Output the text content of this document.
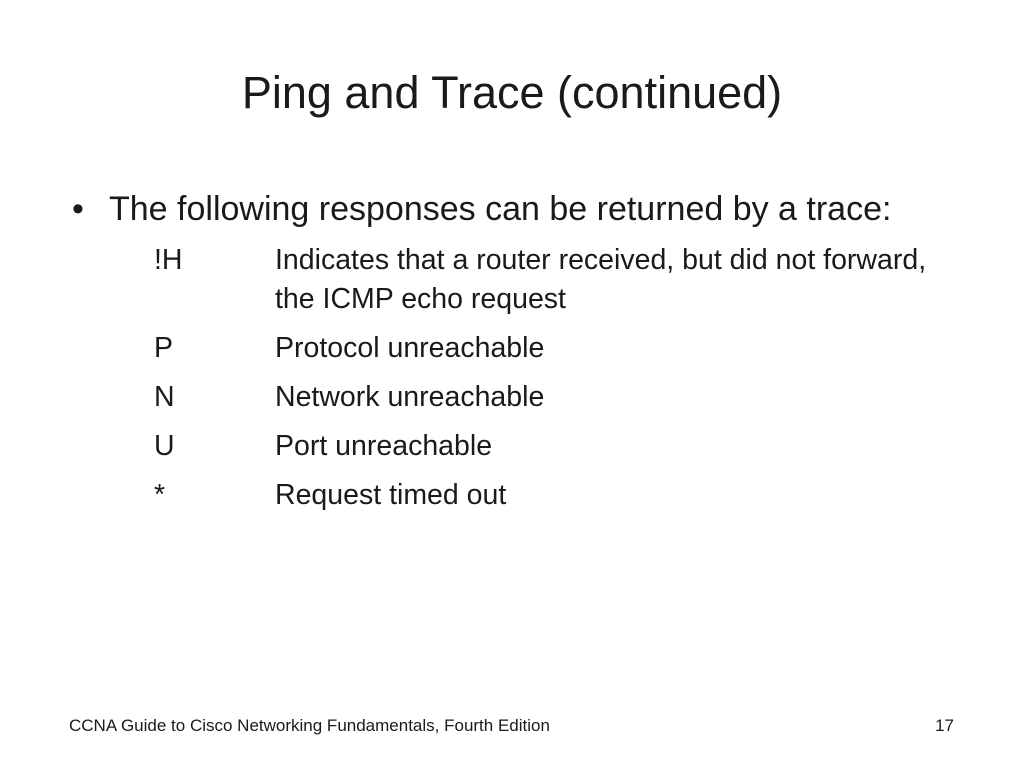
Ping and Trace (continued)
• The following responses can be returned by a trace:
!H	Indicates that a router received, but did not forward, the ICMP echo request
P	Protocol unreachable
N	Network unreachable
U	Port unreachable
*	Request timed out
CCNA Guide to Cisco Networking Fundamentals, Fourth Edition	17
